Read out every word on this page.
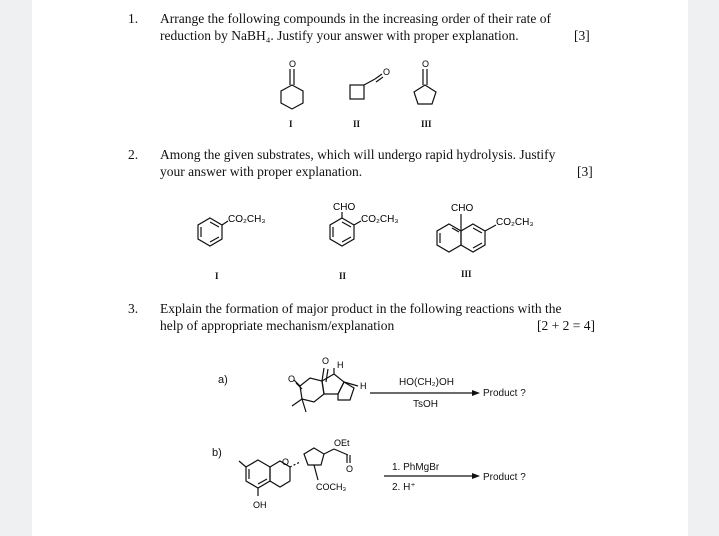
1. Arrange the following compounds in the increasing order of their rate of
reduction by NaBH₄. Justify your answer with proper explanation.	[3]
O
I
O
II
O
III
2. Among the given substrates, which will undergo rapid hydrolysis. Justify
your answer with proper explanation.	[3]
CO₂CH₃
I
CHO
CO₂CH₃
II
CHO
CO₂CH₃
III
3. Explain the formation of major product in the following reactions with the
help of appropriate mechanism/explanation	[2 + 2 = 4]
a)
O
O
H
H	HO(CH₂)OH
TsOH
Product ?
b)
O
OEt
O
COCH₃
OH
1. PhMgBr
2. H⁺
Product ?
